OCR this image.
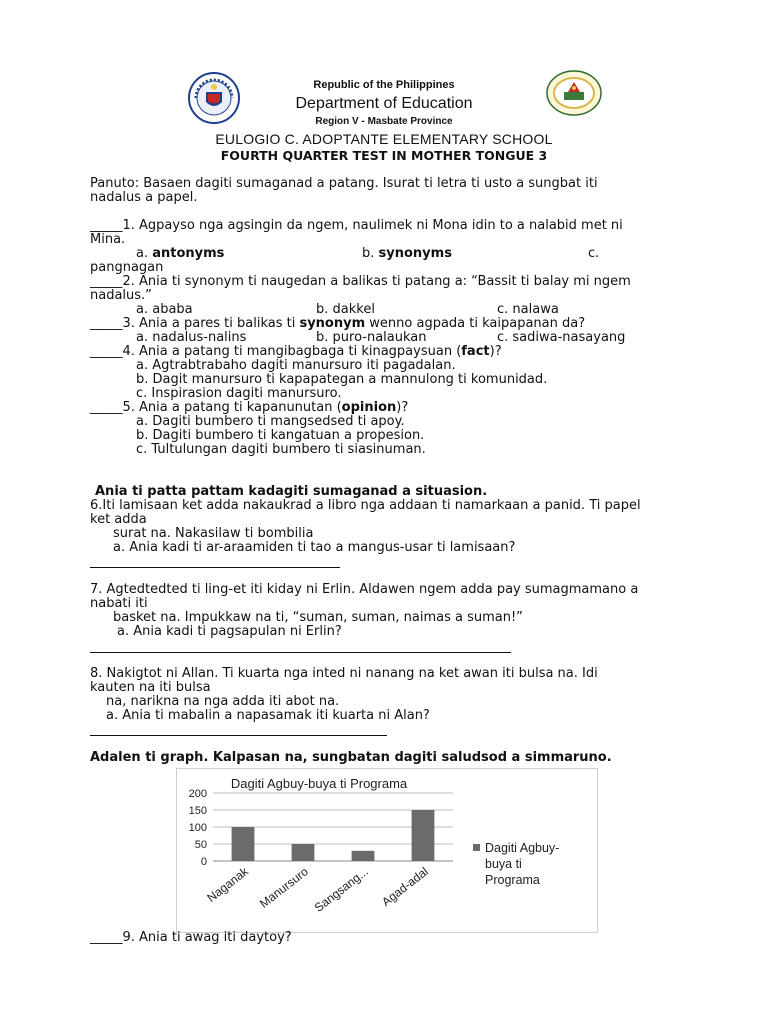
Republic of the Philippines
Department of Education
Region V - Masbate Province
EULOGIO C. ADOPTANTE ELEMENTARY SCHOOL
FOURTH QUARTER TEST IN MOTHER TONGUE 3
Panuto: Basaen dagiti sumaganad a patang. Isurat ti letra ti usto a sungbat iti
nadalus a papel.
_____1. Agpayso nga agsingin da ngem, naulimek ni Mona idin to a nalabid met ni
Mina.
a. antonyms	b. synonyms	c.
pangnagan
_____2. Ania ti synonym ti naugedan a balikas ti patang a: “Bassit ti balay mi ngem
nadalus.”
a. ababa	b. dakkel	c. nalawa
_____3. Ania a pares ti balikas ti synonym wenno agpada ti kaipapanan da?
a. nadalus-nalins	b. puro-nalaukan	c. sadiwa-nasayang
_____4. Ania a patang ti mangibagbaga ti kinagpaysuan (fact)?
a. Agtrabtrabaho dagiti manursuro iti pagadalan.
b. Dagit manursuro ti kapapategan a mannulong ti komunidad.
c. Inspirasion dagiti manursuro.
_____5. Ania a patang ti kapanunutan (opinion)?
a. Dagiti bumbero ti mangsedsed ti apoy.
b. Dagiti bumbero ti kangatuan a propesion.
c. Tultulungan dagiti bumbero ti siasinuman.
Ania ti patta pattam kadagiti sumaganad a situasion.
6.Iti lamisaan ket adda nakaukrad a libro nga addaan ti namarkaan a panid. Ti papel
ket adda
surat na. Nakasilaw ti bombilia
a. Ania kadi ti ar-araamiden ti tao a mangus-usar ti lamisaan?
7. Agtedtedted ti ling-et iti kiday ni Erlin. Aldawen ngem adda pay sumagmamano a
nabati iti
basket na. Impukkaw na ti, “suman, suman, naimas a suman!”
a. Ania kadi ti pagsapulan ni Erlin?
8. Nakigtot ni Allan. Ti kuarta nga inted ni nanang na ket awan iti bulsa na. Idi
kauten na iti bulsa
na, narikna na nga adda iti abot na.
a. Ania ti mabalin a napasamak iti kuarta ni Alan?
Adalen ti graph. Kalpasan na, sungbatan dagiti saludsod a simmaruno.
Dagiti Agbuy-buya ti Programa
0
50
100
150
200
Naganak Manursuro Sangsang... Agad-adal
Dagiti Agbuy-
buya ti
Programa
_____9. Ania ti awag iti daytoy?
